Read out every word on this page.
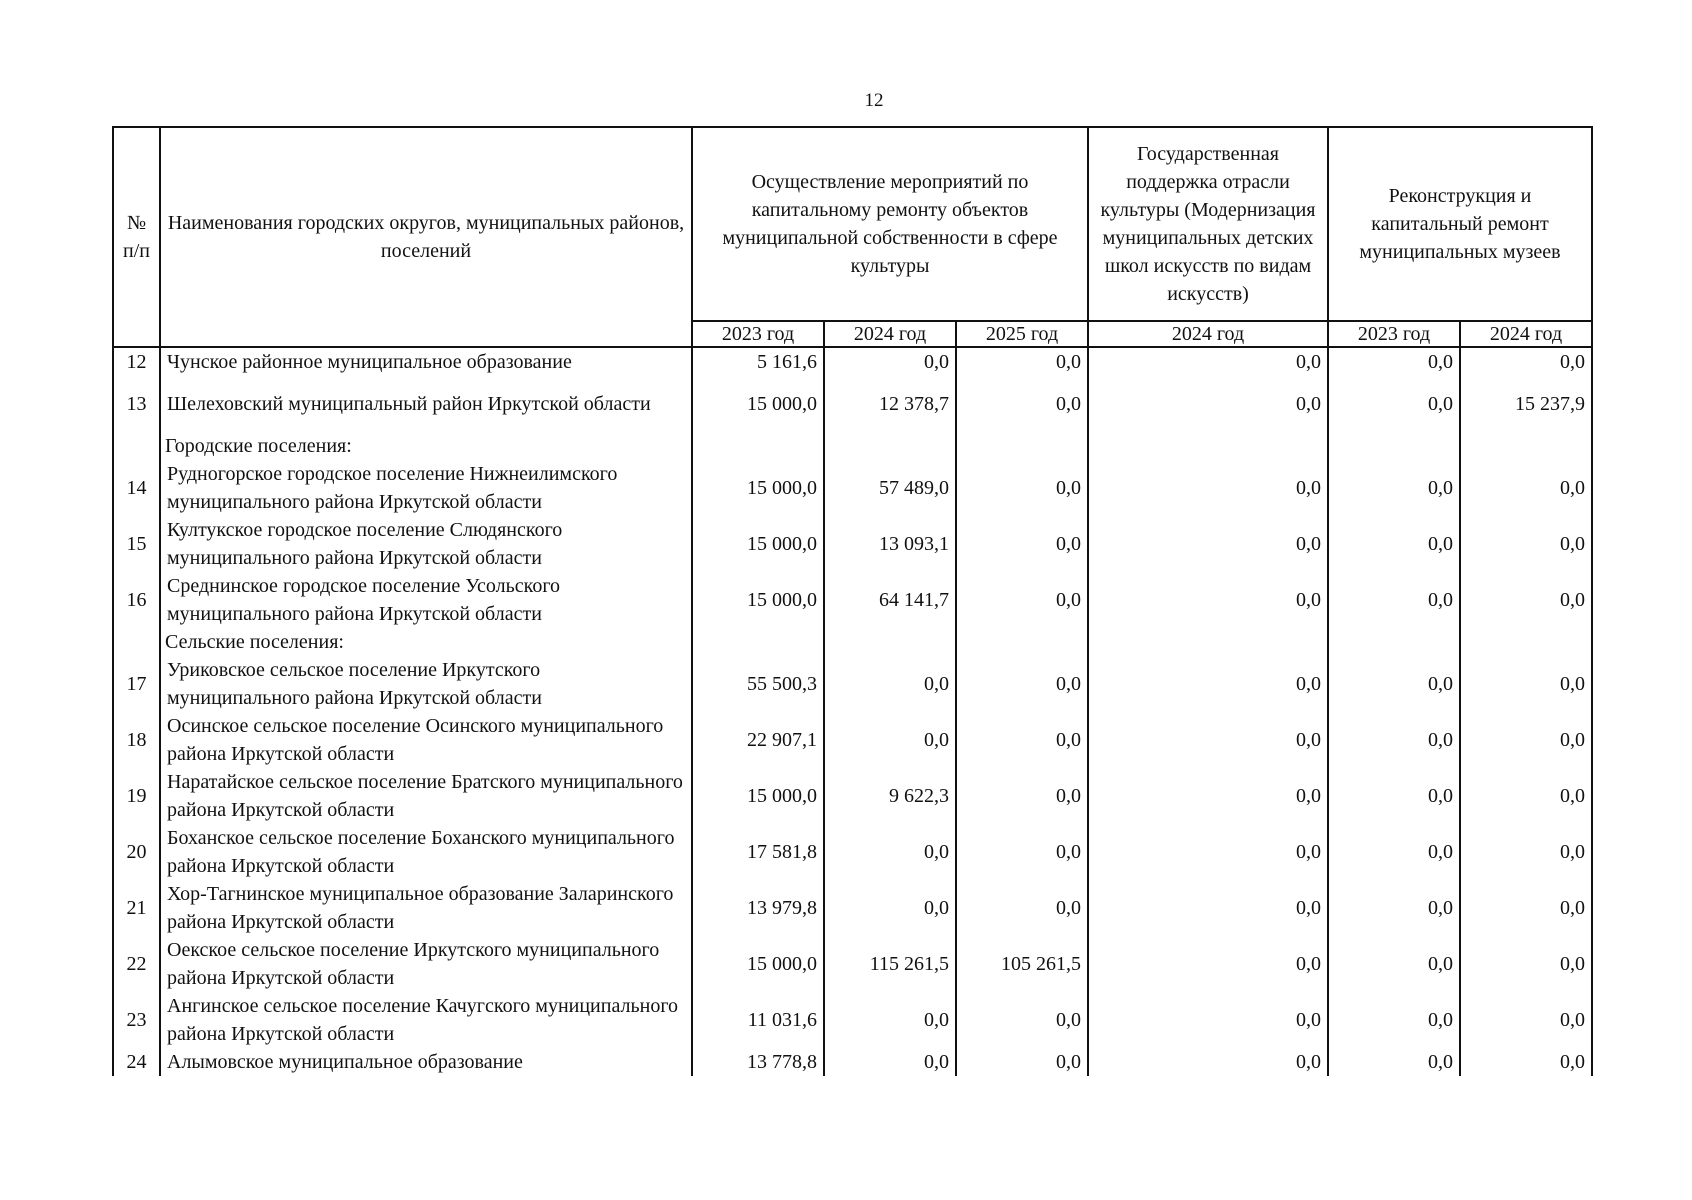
12
№ п/п	Наименования городских округов, муниципальных районов, поселений	Осуществление мероприятий по капитальному ремонту объектов муниципальной собственности в сфере культуры			Государственная поддержка отрасли культуры (Модернизация муниципальных детских школ искусств по видам искусств)	Реконструкция и капитальный ремонт муниципальных музеев	
		2023 год	2024 год	2025 год	2024 год	2023 год	2024 год
12	Чунское районное муниципальное образование	5 161,6	0,0	0,0	0,0	0,0	0,0
13	Шелеховский муниципальный район Иркутской области	15 000,0	12 378,7	0,0	0,0	0,0	15 237,9
	Городские поселения:						
14	Рудногорское городское поселение Нижнеилимского муниципального района Иркутской области	15 000,0	57 489,0	0,0	0,0	0,0	0,0
15	Култукское городское поселение Слюдянского муниципального района Иркутской области	15 000,0	13 093,1	0,0	0,0	0,0	0,0
16	Среднинское городское поселение Усольского муниципального района Иркутской области	15 000,0	64 141,7	0,0	0,0	0,0	0,0
	Сельские поселения:						
17	Уриковское сельское поселение Иркутского муниципального района Иркутской области	55 500,3	0,0	0,0	0,0	0,0	0,0
18	Осинское сельское поселение Осинского муниципального района Иркутской области	22 907,1	0,0	0,0	0,0	0,0	0,0
19	Наратайское сельское поселение Братского муниципального района Иркутской области	15 000,0	9 622,3	0,0	0,0	0,0	0,0
20	Боханское сельское поселение Боханского муниципального района Иркутской области	17 581,8	0,0	0,0	0,0	0,0	0,0
21	Хор-Тагнинское муниципальное образование Заларинского района Иркутской области	13 979,8	0,0	0,0	0,0	0,0	0,0
22	Оекское сельское поселение Иркутского муниципального района Иркутской области	15 000,0	115 261,5	105 261,5	0,0	0,0	0,0
23	Ангинское сельское поселение Качугского муниципального района Иркутской области	11 031,6	0,0	0,0	0,0	0,0	0,0
24	Алымовское муниципальное образование	13 778,8	0,0	0,0	0,0	0,0	0,0
